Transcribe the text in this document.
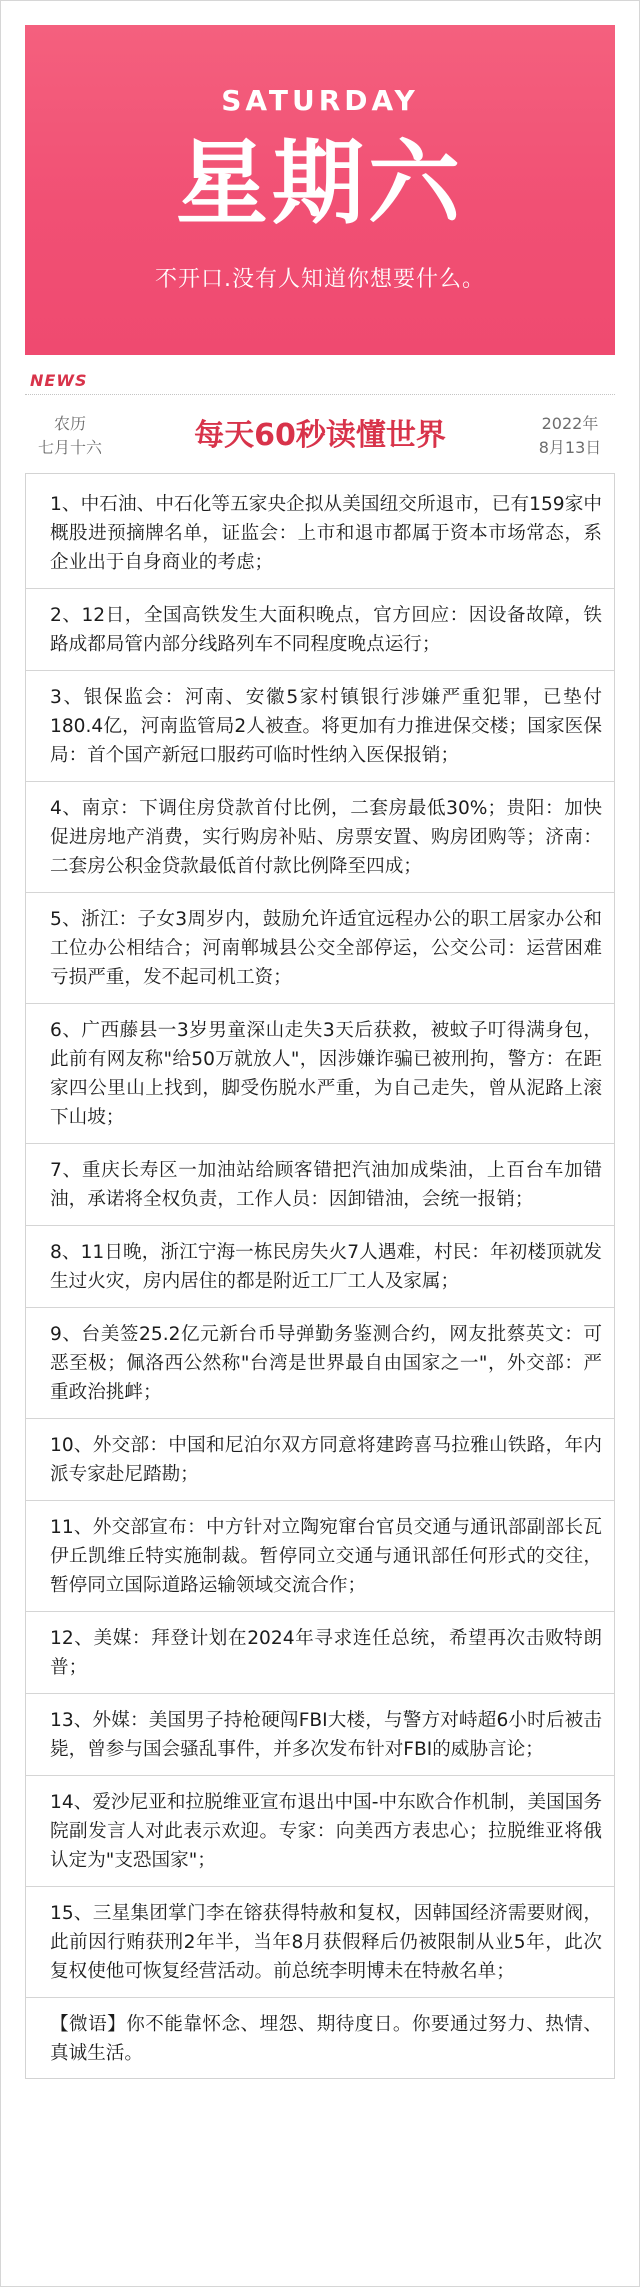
SATURDAY
星期六
不开口.没有人知道你想要什么。
NEWS
农历
七月十六	每天60秒读懂世界	2022年
8月13日
1、中石油、中石化等五家央企拟从美国纽交所退市，已有159家中概股进预摘牌名单，证监会：上市和退市都属于资本市场常态，系企业出于自身商业的考虑；
2、12日，全国高铁发生大面积晚点，官方回应：因设备故障，铁路成都局管内部分线路列车不同程度晚点运行；
3、银保监会：河南、安徽5家村镇银行涉嫌严重犯罪，已垫付180.4亿，河南监管局2人被查。将更加有力推进保交楼；国家医保局：首个国产新冠口服药可临时性纳入医保报销；
4、南京：下调住房贷款首付比例，二套房最低30%；贵阳：加快促进房地产消费，实行购房补贴、房票安置、购房团购等；济南：二套房公积金贷款最低首付款比例降至四成；
5、浙江：子女3周岁内，鼓励允许适宜远程办公的职工居家办公和工位办公相结合；河南郸城县公交全部停运，公交公司：运营困难亏损严重，发不起司机工资；
6、广西藤县一3岁男童深山走失3天后获救，被蚊子叮得满身包，此前有网友称"给50万就放人"，因涉嫌诈骗已被刑拘，警方：在距家四公里山上找到，脚受伤脱水严重，为自己走失，曾从泥路上滚下山坡；
7、重庆长寿区一加油站给顾客错把汽油加成柴油，上百台车加错油，承诺将全权负责，工作人员：因卸错油，会统一报销；
8、11日晚，浙江宁海一栋民房失火7人遇难，村民：年初楼顶就发生过火灾，房内居住的都是附近工厂工人及家属；
9、台美签25.2亿元新台币导弹勤务鉴测合约，网友批蔡英文：可恶至极；佩洛西公然称"台湾是世界最自由国家之一"，外交部：严重政治挑衅；
10、外交部：中国和尼泊尔双方同意将建跨喜马拉雅山铁路，年内派专家赴尼踏勘；
11、外交部宣布：中方针对立陶宛窜台官员交通与通讯部副部长瓦伊丘凯维丘特实施制裁。暂停同立交通与通讯部任何形式的交往，暂停同立国际道路运输领域交流合作；
12、美媒：拜登计划在2024年寻求连任总统，希望再次击败特朗普；
13、外媒：美国男子持枪硬闯FBI大楼，与警方对峙超6小时后被击毙，曾参与国会骚乱事件，并多次发布针对FBI的威胁言论；
14、爱沙尼亚和拉脱维亚宣布退出中国-中东欧合作机制，美国国务院副发言人对此表示欢迎。专家：向美西方表忠心；拉脱维亚将俄认定为"支恐国家"；
15、三星集团掌门李在镕获得特赦和复权，因韩国经济需要财阀，此前因行贿获刑2年半，当年8月获假释后仍被限制从业5年，此次复权使他可恢复经营活动。前总统李明博未在特赦名单；
【微语】你不能靠怀念、埋怨、期待度日。你要通过努力、热情、真诚生活。
